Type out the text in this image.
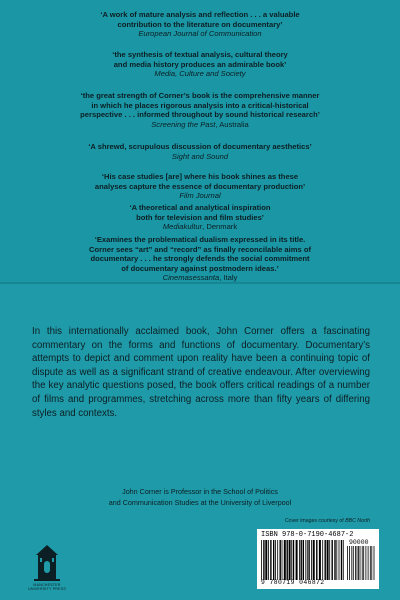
‘A work of mature analysis and reflection . . . a valuable
contribution to the literature on documentary’
European Journal of Communication
‘the synthesis of textual analysis, cultural theory
and media history produces an admirable book’
Media, Culture and Society
‘the great strength of Corner’s book is the comprehensive manner
in which he places rigorous analysis into a critical-historical
perspective . . . informed throughout by sound historical research’
Screening the Past, Australia
‘A shrewd, scrupulous discussion of documentary aesthetics’
Sight and Sound
‘His case studies [are] where his book shines as these
analyses capture the essence of documentary production’
Film Journal
‘A theoretical and analytical inspiration
both for television and film studies’
Mediakultur, Denmark
‘Examines the problematical dualism expressed in its title.
Corner sees “art” and “record” as finally reconcilable aims of
documentary . . . he strongly defends the social commitment
of documentary against postmodern ideas.’
Cinemasessanta, Italy

In this internationally acclaimed book, John Corner offers a fascinating commentary on the forms and functions of documentary. Documentary’s attempts to depict and comment upon reality have been a continuing topic of dispute as well as a significant strand of creative endeavour. After overviewing the key analytic questions posed, the book offers critical readings of a number of films and programmes, stretching across more than fifty years of differing styles and contexts.

John Corner is Professor in the School of Politics
and Communication Studies at the University of Liverpool
Cover images courtesy of BBC North
MANCHESTER
UNIVERSITY PRESS
ISBN 978-0-7190-4687-2
90000
9 780719 046872
